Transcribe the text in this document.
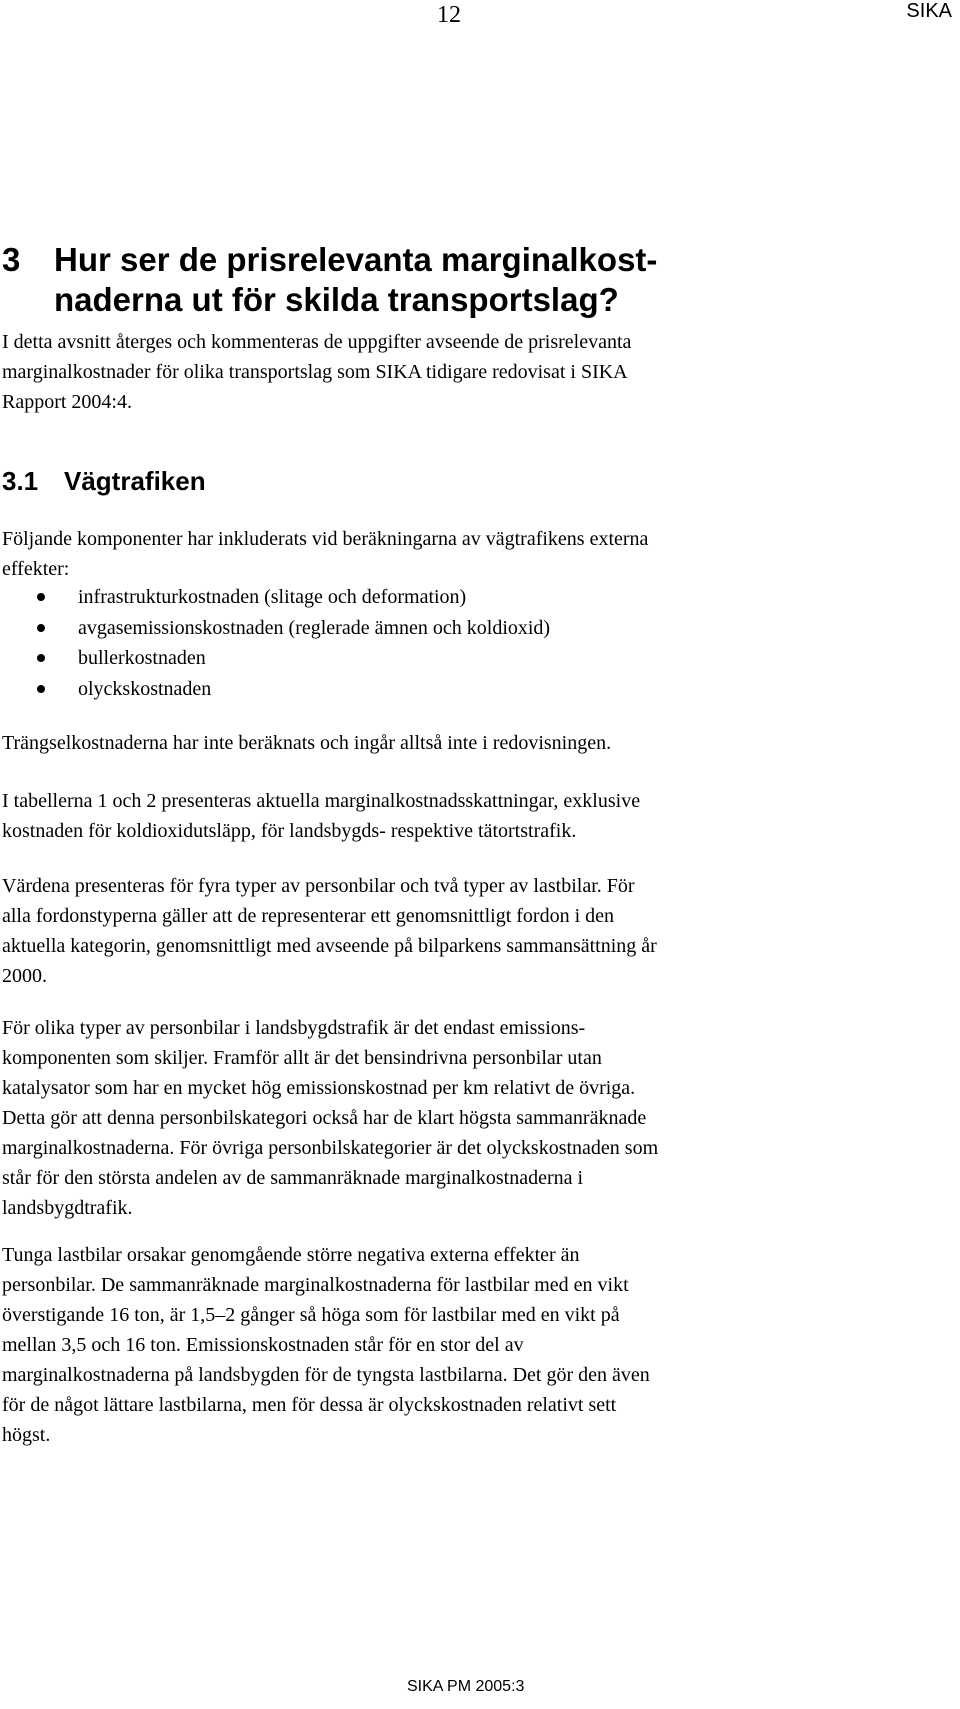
12	SIKA
3 Hur ser de prisrelevanta marginalkost-
naderna ut för skilda transportslag?

I detta avsnitt återges och kommenteras de uppgifter avseende de prisrelevanta
marginalkostnader för olika transportslag som SIKA tidigare redovisat i SIKA
Rapport 2004:4.

3.1 Vägtrafiken

Följande komponenter har inkluderats vid beräkningarna av vägtrafikens externa
effekter:

infrastrukturkostnaden (slitage och deformation)
avgasemissionskostnaden (reglerade ämnen och koldioxid)
bullerkostnaden
olyckskostnaden

Trängselkostnaderna har inte beräknats och ingår alltså inte i redovisningen.

I tabellerna 1 och 2 presenteras aktuella marginalkostnadsskattningar, exklusive
kostnaden för koldioxidutsläpp, för landsbygds- respektive tätortstrafik.

Värdena presenteras för fyra typer av personbilar och två typer av lastbilar. För
alla fordonstyperna gäller att de representerar ett genomsnittligt fordon i den
aktuella kategorin, genomsnittligt med avseende på bilparkens sammansättning år
2000.

För olika typer av personbilar i landsbygdstrafik är det endast emissions-
komponenten som skiljer. Framför allt är det bensindrivna personbilar utan
katalysator som har en mycket hög emissionskostnad per km relativt de övriga.
Detta gör att denna personbilskategori också har de klart högsta sammanräknade
marginalkostnaderna. För övriga personbilskategorier är det olyckskostnaden som
står för den största andelen av de sammanräknade marginalkostnaderna i
landsbygdtrafik.

Tunga lastbilar orsakar genomgående större negativa externa effekter än
personbilar. De sammanräknade marginalkostnaderna för lastbilar med en vikt
överstigande 16 ton, är 1,5–2 gånger så höga som för lastbilar med en vikt på
mellan 3,5 och 16 ton. Emissionskostnaden står för en stor del av
marginalkostnaderna på landsbygden för de tyngsta lastbilarna. Det gör den även
för de något lättare lastbilarna, men för dessa är olyckskostnaden relativt sett
högst.

SIKA PM 2005:3
